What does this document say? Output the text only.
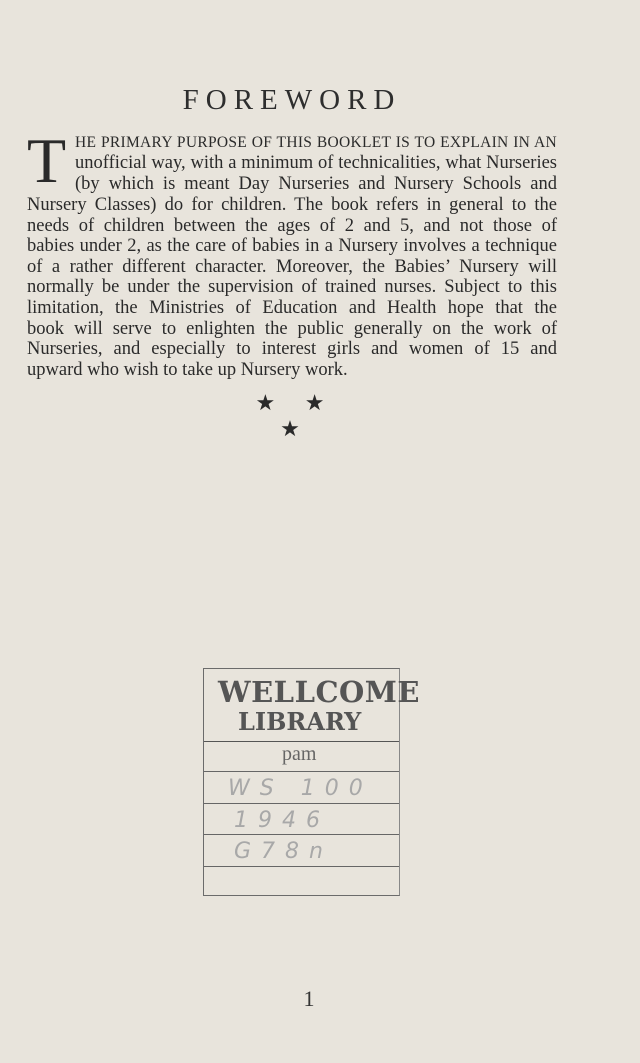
FOREWORD
T HE PRIMARY PURPOSE OF THIS BOOKLET IS TO EXPLAIN IN AN
unofficial way, with a minimum of technicalities, what Nurseries
(by which is meant Day Nurseries and Nursery Schools and
Nursery Classes) do for children. The book refers in general to the
needs of children between the ages of 2 and 5, and not those of
babies under 2, as the care of babies in a Nursery involves a technique
of a rather different character. Moreover, the Babies’ Nursery will
normally be under the supervision of trained nurses. Subject to this
limitation, the Ministries of Education and Health hope that the
book will serve to enlighten the public generally on the work of
Nurseries, and especially to interest girls and women of 15 and
upward who wish to take up Nursery work.
★ ★
★
WELLCOME
LIBRARY
pam
WS 100
1946
G78n
1
